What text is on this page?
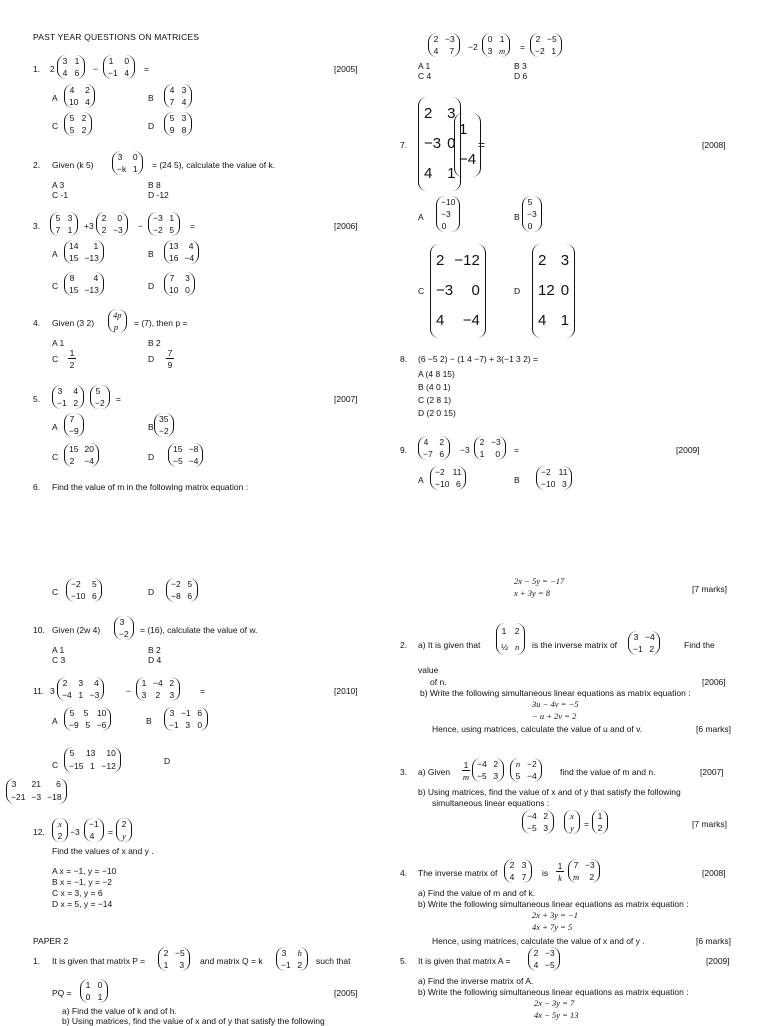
PAST YEAR QUESTIONS ON MATRICES
1. 2
3 1
4 6 −
1 0
−1 4 =	[2005]
A
4 2
10 4	B
4 3
7 4
C
5 2
5 2	D
5 3
9 8
2. Given (k 5)
3 0
−k 1 = (24 5), calculate the value of k.
A 3	B 8
C -1	D -12
3.
5 3
7 1 +3
2 0
2 −3 −
−3 1
−2 5 =	[2006]
A
14 1
15 −13	B
13 4
16 −4
C
8 4
15 −13	D
7 3
10 0
4. Given (3 2)
4p
p = (7), then p =
A 1	B 2
C
1
2
D
7
9
5.
3 4
−1 2
5
−2 =	[2007]
A
7
−9	B
35
−2
C
15 20
2 −4	D
15 −8
−5 −4
6. Find the value of m in the following matrix equation :
2 −3
4 7 −2
0 1
3 m =
2 −5
−2 1
A 1	B 3
C 4	D 6
7.
2 3
−3 0
4 1
1
−4
=	[2008]
A
−10
−3
0
B
5
−3
0
C
2 −12
−3 0
4 −4
D
2 3
12 0
4 1
8. (6 −5 2) − (1 4 −7) + 3(−1 3 2) =
A (4 8 15)
B (4 0 1)
C (2 8 1)
D (2 0 15)
9.
4 2
−7 6 −3
2 −3
1 0 =	[2009]
A
−2 11
−10 6	B
−2 11
−10 3
C
−2 5
−10 6	D
−2 5
−8 6
10. Given (2w 4)
3
−2 = (16), calculate the value of w.
A 1	B 2
C 3	D 4
11. 3
2 3 4
−4 1 −3	−
1 −4 2
3 2 3	=	[2010]
A
5 5 10
−9 5 −6	B
3 −1 6
−1 3 0
C
5 13 10
−15 1 −12	D
3 21 6
−21 −3 −18
12.
x
2 −3
−1
4 =
2
y
Find the values of x and y .
A x = −1, y = −10
B x = −1, y = −2
C x = 3, y = 6
D x = 5, y = −14
PAPER 2
1. It is given that matrix P =
2 −5
1 3 and matrix Q = k
3 h
−1 2 such that
PQ =
1 0
0 1	[2005]
a) Find the value of k and of h.
b) Using matrices, find the value of x and of y that satisfy the following
2x − 5y = −17
x + 3y = 8	[7 marks]
2. a) It is given that
1 2
½ n is the inverse matrix of
3 −4
−1 2	Find the
value
of n.	[2006]
b) Write the following simultaneous linear equations as matrix equation :
3u − 4v = −5
− u + 2v = 2
Hence, using matrices, calculate the value of u and of v.	[6 marks]
3. a) Given
1
m
−4 2
−5 3
n −2
5 −4	find the value of m and n.	[2007]
b) Using matrices, find the value of x and of y that satisfy the following
simultaneous linear equations :
−4 2
−5 3
x
y =
1
2	[7 marks]
4. The inverse matrix of
2 3
4 7 is
1
k
7 −3
m 2	[2008]
a) Find the value of m and of k.
b) Write the following simultaneous linear equations as matrix equation :
2x + 3y = −1
4x + 7y = 5
Hence, using matrices, calculate the value of x and of y .	[6 marks]
5. It is given that matrix A =
2 −3
4 −5	[2009]
a) Find the inverse matrix of A.
b) Write the following simultaneous linear equations as matrix equation :
2x − 3y = 7
4x − 5y = 13
